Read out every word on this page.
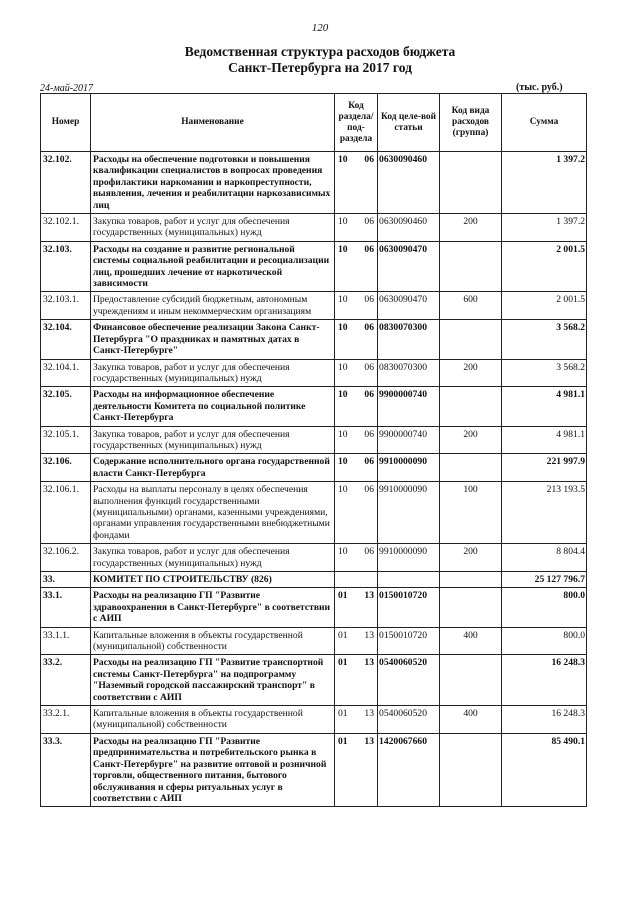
120
Ведомственная структура расходов бюджета
Санкт-Петербурга на 2017 год
24-май-2017	(тыс. руб.)
Номер	Наименование	Код раздела/ под-раздела		Код целе-вой статьи	Код вида расходов (группа)	Сумма
32.102.	Расходы на обеспечение подготовки и повышения квалификации специалистов в вопросах проведения профилактики наркомании и наркопреступности, выявления, лечения и реабилитации наркозависимых лиц	10	06	0630090460		1 397.2
32.102.1.	Закупка товаров, работ и услуг для обеспечения государственных (муниципальных) нужд	10	06	0630090460	200	1 397.2
32.103.	Расходы на создание и развитие региональной системы социальной реабилитации и ресоциализации лиц, прошедших лечение от наркотической зависимости	10	06	0630090470		2 001.5
32.103.1.	Предоставление субсидий бюджетным, автономным учреждениям и иным некоммерческим организациям	10	06	0630090470	600	2 001.5
32.104.	Финансовое обеспечение реализации Закона Санкт-Петербурга "О праздниках и памятных датах в Санкт-Петербурге"	10	06	0830070300		3 568.2
32.104.1.	Закупка товаров, работ и услуг для обеспечения государственных (муниципальных) нужд	10	06	0830070300	200	3 568.2
32.105.	Расходы на информационное обеспечение деятельности Комитета по социальной политике Санкт-Петербурга	10	06	9900000740		4 981.1
32.105.1.	Закупка товаров, работ и услуг для обеспечения государственных (муниципальных) нужд	10	06	9900000740	200	4 981.1
32.106.	Содержание исполнительного органа государственной власти Санкт-Петербурга	10	06	9910000090		221 997.9
32.106.1.	Расходы на выплаты персоналу в целях обеспечения выполнения функций государственными (муниципальными) органами, казенными учреждениями, органами управления государственными внебюджетными фондами	10	06	9910000090	100	213 193.5
32.106.2.	Закупка товаров, работ и услуг для обеспечения государственных (муниципальных) нужд	10	06	9910000090	200	8 804.4
33.	КОМИТЕТ ПО СТРОИТЕЛЬСТВУ (826)					25 127 796.7
33.1.	Расходы на реализацию ГП "Развитие здравоохранения в Санкт-Петербурге" в соответствии с АИП	01	13	0150010720		800.0
33.1.1.	Капитальные вложения в объекты государственной (муниципальной) собственности	01	13	0150010720	400	800.0
33.2.	Расходы на реализацию ГП "Развитие транспортной системы Санкт-Петербурга" на подпрограмму "Наземный городской пассажирский транспорт" в соответствии с АИП	01	13	0540060520		16 248.3
33.2.1.	Капитальные вложения в объекты государственной (муниципальной) собственности	01	13	0540060520	400	16 248.3
33.3.	Расходы на реализацию ГП "Развитие предпринимательства и потребительского рынка в Санкт-Петербурге" на развитие оптовой и розничной торговли, общественного питания, бытового обслуживания и сферы ритуальных услуг в соответствии с АИП	01	13	1420067660		85 490.1
